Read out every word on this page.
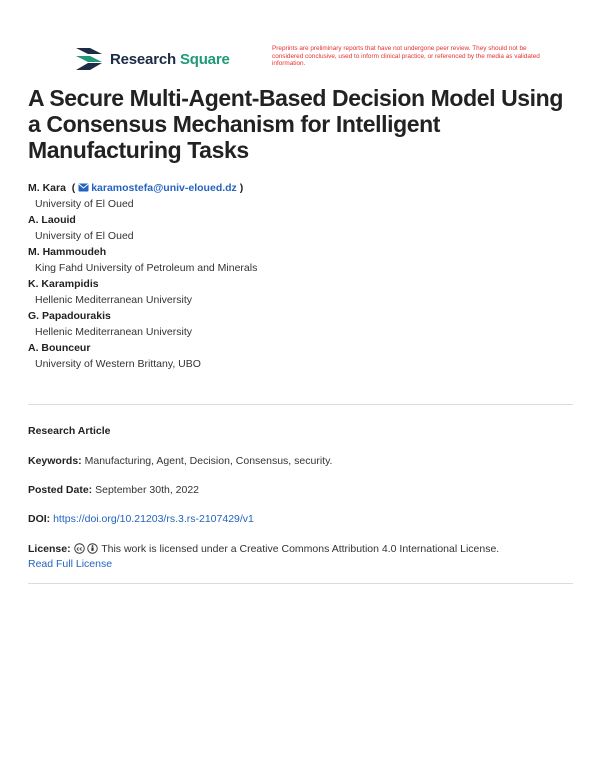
Research Square
Preprints are preliminary reports that have not undergone peer review. They should not be considered conclusive, used to inform clinical practice, or referenced by the media as validated information.
A Secure Multi-Agent-Based Decision Model Using a Consensus Mechanism for Intelligent Manufacturing Tasks
M. Kara  ( karamostefa@univ-eloued.dz )
University of El Oued
A. Laouid
University of El Oued
M. Hammoudeh
King Fahd University of Petroleum and Minerals
K. Karampidis
Hellenic Mediterranean University
G. Papadourakis
Hellenic Mediterranean University
A. Bounceur
University of Western Brittany, UBO
Research Article
Keywords: Manufacturing, Agent, Decision, Consensus, security.
Posted Date: September 30th, 2022
DOI: https://doi.org/10.21203/rs.3.rs-2107429/v1
License: cc This work is licensed under a Creative Commons Attribution 4.0 International License.
Read Full License
